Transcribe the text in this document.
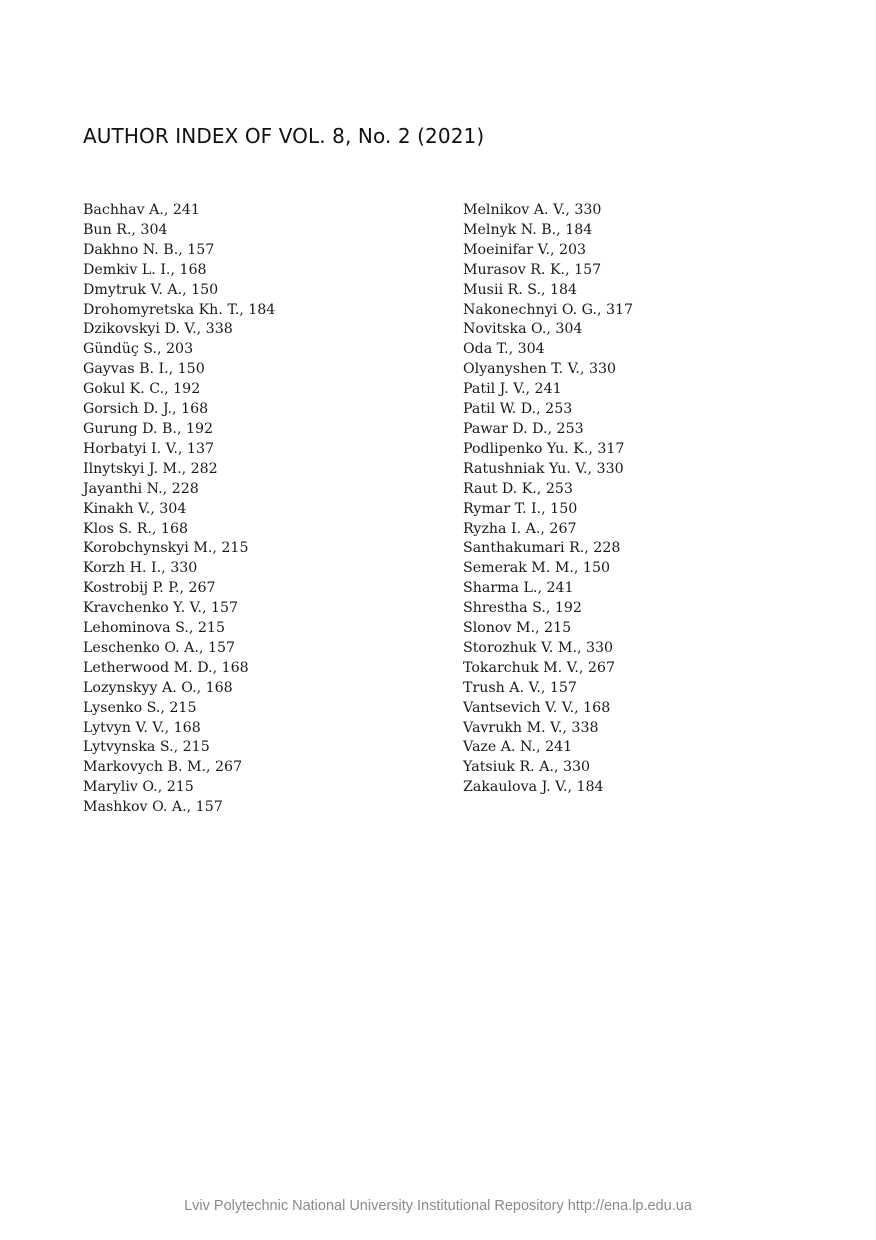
AUTHOR INDEX OF VOL. 8, No. 2 (2021)
Bachhav A., 241
Bun R., 304
Dakhno N. B., 157
Demkiv L. I., 168
Dmytruk V. A., 150
Drohomyretska Kh. T., 184
Dzikovskyi D. V., 338
Gündüç S., 203
Gayvas B. I., 150
Gokul K. C., 192
Gorsich D. J., 168
Gurung D. B., 192
Horbatyi I. V., 137
Ilnytskyi J. M., 282
Jayanthi N., 228
Kinakh V., 304
Klos S. R., 168
Korobchynskyi M., 215
Korzh H. I., 330
Kostrobij P. P., 267
Kravchenko Y. V., 157
Lehominova S., 215
Leschenko O. A., 157
Letherwood M. D., 168
Lozynskyy A. O., 168
Lysenko S., 215
Lytvyn V. V., 168
Lytvynska S., 215
Markovych B. M., 267
Maryliv O., 215
Mashkov O. A., 157
Melnikov A. V., 330
Melnyk N. B., 184
Moeinifar V., 203
Murasov R. K., 157
Musii R. S., 184
Nakonechnyi O. G., 317
Novitska O., 304
Oda T., 304
Olyanyshen T. V., 330
Patil J. V., 241
Patil W. D., 253
Pawar D. D., 253
Podlipenko Yu. K., 317
Ratushniak Yu. V., 330
Raut D. K., 253
Rymar T. I., 150
Ryzha I. A., 267
Santhakumari R., 228
Semerak M. M., 150
Sharma L., 241
Shrestha S., 192
Slonov M., 215
Storozhuk V. M., 330
Tokarchuk M. V., 267
Trush A. V., 157
Vantsevich V. V., 168
Vavrukh M. V., 338
Vaze A. N., 241
Yatsiuk R. A., 330
Zakaulova J. V., 184

Lviv Polytechnic National University Institutional Repository http://ena.lp.edu.ua
